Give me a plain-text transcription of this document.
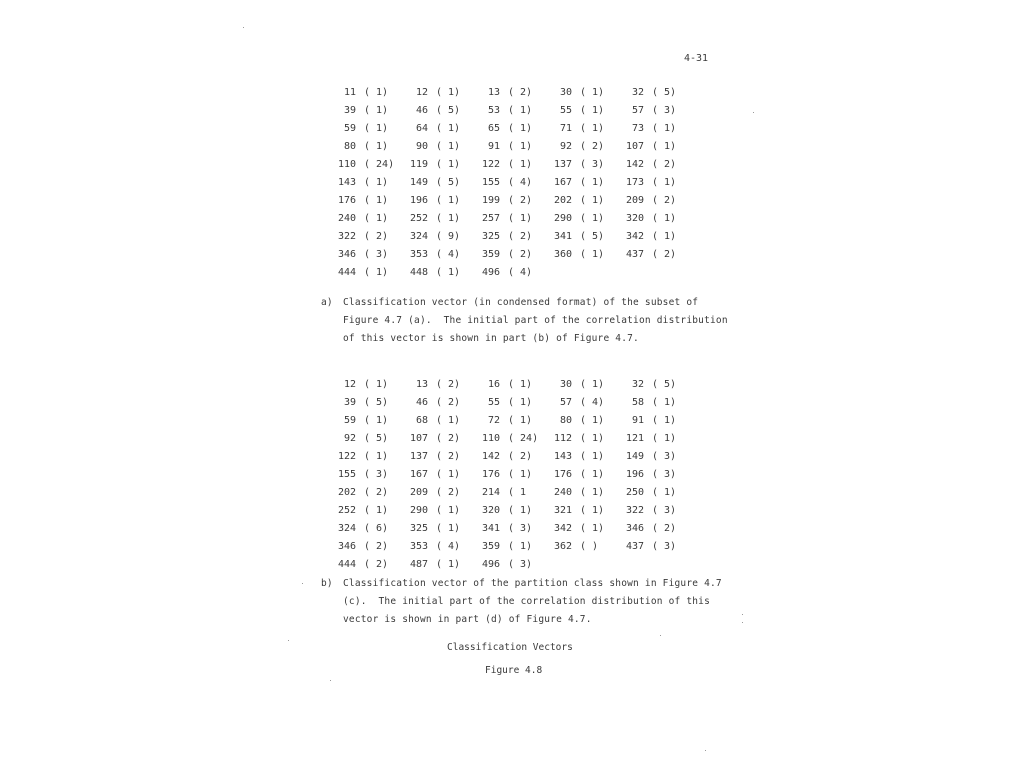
4-31
11 ( 1)	12 ( 1)	13 ( 2)	30 ( 1)	32 ( 5)
39 ( 1)	46 ( 5)	53 ( 1)	55 ( 1)	57 ( 3)
59 ( 1)	64 ( 1)	65 ( 1)	71 ( 1)	73 ( 1)
80 ( 1)	90 ( 1)	91 ( 1)	92 ( 2)	107 ( 1)
110 ( 24)	119 ( 1)	122 ( 1)	137 ( 3)	142 ( 2)
143 ( 1)	149 ( 5)	155 ( 4)	167 ( 1)	173 ( 1)
176 ( 1)	196 ( 1)	199 ( 2)	202 ( 1)	209 ( 2)
240 ( 1)	252 ( 1)	257 ( 1)	290 ( 1)	320 ( 1)
322 ( 2)	324 ( 9)	325 ( 2)	341 ( 5)	342 ( 1)
346 ( 3)	353 ( 4)	359 ( 2)	360 ( 1)	437 ( 2)
444 ( 1)	448 ( 1)	496 ( 4)
a) Classification vector (in condensed format) of the subset of
Figure 4.7 (a).  The initial part of the correlation distribution
of this vector is shown in part (b) of Figure 4.7.
12 ( 1)	13 ( 2)	16 ( 1)	30 ( 1)	32 ( 5)
39 ( 5)	46 ( 2)	55 ( 1)	57 ( 4)	58 ( 1)
59 ( 1)	68 ( 1)	72 ( 1)	80 ( 1)	91 ( 1)
92 ( 5)	107 ( 2)	110 ( 24)	112 ( 1)	121 ( 1)
122 ( 1)	137 ( 2)	142 ( 2)	143 ( 1)	149 ( 3)
155 ( 3)	167 ( 1)	176 ( 1)	176 ( 1)	196 ( 3)
202 ( 2)	209 ( 2)	214 ( 1	240 ( 1)	250 ( 1)
252 ( 1)	290 ( 1)	320 ( 1)	321 ( 1)	322 ( 3)
324 ( 6)	325 ( 1)	341 ( 3)	342 ( 1)	346 ( 2)
346 ( 2)	353 ( 4)	359 ( 1)	362 ( )	437 ( 3)
444 ( 2)	487 ( 1)	496 ( 3)
b) Classification vector of the partition class shown in Figure 4.7
(c).  The initial part of the correlation distribution of this
vector is shown in part (d) of Figure 4.7.
Classification Vectors
Figure 4.8
